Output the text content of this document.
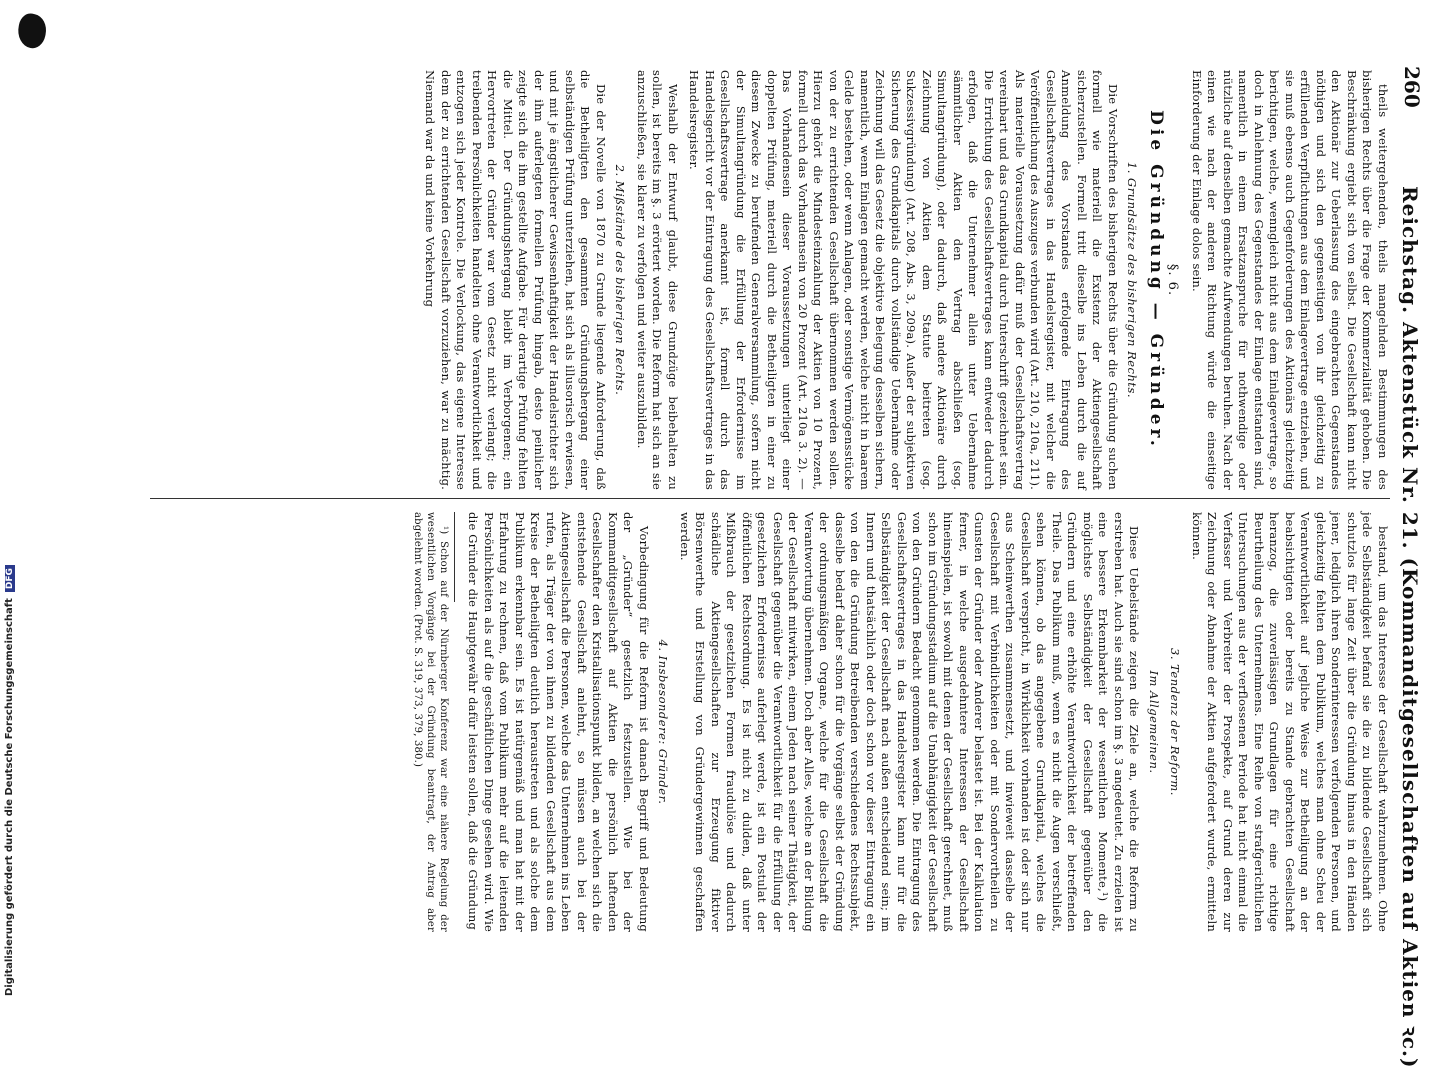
Digitalisierung gefördert durch die Deutsche ForschungsgemeinschaftDFG
260
Reichstag. Aktenstück Nr. 21. (Kommanditgesellschaften auf Aktien ꝛc.)

theils weitergehenden, theils mangelnden Bestimmungen des bisherigen Rechts über die Frage der Kommerzialität gehoben. Die Beschränkung ergiebt sich von selbst. Die Gesellschaft kann nicht den Aktionär zur Ueberlassung des eingebrachten Gegenstandes nöthigen und sich den gegenseitigen von ihr gleichzeitig zu erfüllenden Verpflichtungen aus dem Einlagevertrage entziehen, und sie muß ebenso auch Gegenforderungen des Aktionärs gleichzeitig berichtigen, welche, wenngleich nicht aus dem Einlagevertrage, so doch in Anlehnung des Gegenstandes der Einlage entstanden sind, namentlich in einem Ersatzanspruche für nothwendige oder nützliche auf denselben gemachte Aufwendungen beruhen. Nach der einen wie nach der anderen Richtung würde die einseitige Einforderung der Einlage dolos sein.

§. 6.
Die Gründung — Gründer.
1. Grundsätze des bisherigen Rechts.

Die Vorschriften des bisherigen Rechts über die Gründung suchen formell wie materiell die Existenz der Aktiengesellschaft sicherzustellen. Formell tritt dieselbe ins Leben durch die auf Anmeldung des Vorstandes erfolgende Eintragung des Gesellschaftsvertrages in das Handelsregister, mit welcher die Veröffentlichung des Auszuges verbunden wird (Art. 210, 210a, 211). Als materielle Voraussetzung dafür muß der Gesellschaftsvertrag vereinbart und das Grundkapital durch Unterschrift gezeichnet sein. Die Errichtung des Gesellschaftsvertrages kann entweder dadurch erfolgen, daß die Unternehmer allein unter Uebernahme sämmtlicher Aktien den Vertrag abschließen (sog. Simultangründung), oder dadurch, daß andere Aktionäre durch Zeichnung von Aktien dem Statute beitreten (sog. Sukzessivgründung) (Art. 208, Abs. 3, 209a). Außer der subjektiven Sicherung des Grundkapitals durch vollständige Uebernahme oder Zeichnung will das Gesetz die objektive Belegung desselben sichern, namentlich, wenn Einlagen gemacht werden, welche nicht in baarem Gelde bestehen, oder wenn Anlagen, oder sonstige Vermögensstücke von der zu errichtenden Gesellschaft übernommen werden sollen. Hierzu gehört die Mindesteinzahlung der Aktien von 10 Prozent, formell durch das Vorhandensein von 20 Prozent (Art. 210a 3. 2). — Das Vorhandensein dieser Voraussetzungen unterliegt einer doppelten Prüfung, materiell durch die Betheiligten in einer zu diesem Zwecke zu berufenden Generalversammlung, sofern nicht der Simultangründung die Erfüllung der Erfordernisse im Gesellschaftsvertrage anerkannt ist, formell durch das Handelsgericht vor der Eintragung des Gesellschaftsvertrages in das Handelsregister.

Weshalb der Entwurf glaubt, diese Grundzüge beibehalten zu sollen, ist bereits im §. 3 erörtert worden. Die Reform hat sich an sie anzuschließen, sie klarer zu verfolgen und weiter auszubilden.

2. Mißstände des bisherigen Rechts.

Die der Novelle von 1870 zu Grunde liegende Anforderung, daß die Betheiligten den gesammten Gründungshergang einer selbständigen Prüfung unterziehen, hat sich als illusorisch erwiesen, und mit je ängstlicherer Gewissenhaftigkeit der Handelsrichter sich der ihm auferlegten formellen Prüfung hingab, desto peinlicher zeigte sich die ihm gestellte Aufgabe. Für derartige Prüfung fehlten die Mittel. Der Gründungshergang bleibt im Verborgenen; ein Hervortreten der Gründer war vom Gesetz nicht verlangt; die treibenden Persönlichkeiten handelten ohne Verantwortlichkeit und entzogen sich jeder Kontrole. Die Verlockung, das eigene Interesse dem der zu errichtenden Gesellschaft vorzuziehen, war zu mächtig. Niemand war da und keine Vorkehrung

bestand, um das Interesse der Gesellschaft wahrzunehmen. Ohne jede Selbständigkeit befand sie die zu bildende Gesellschaft sich schutzlos für lange Zeit über die Gründung hinaus in den Händen jener, lediglich ihren Sonderinteressen verfolgenden Personen, und gleichzeitig fehlten dem Publikum, welches man ohne Scheu der Verantwortlichkeit auf jegliche Weise zur Betheiligung an der beabsichtigten oder bereits zu Stande gebrachten Gesellschaft heranzog, die zuverlässigen Grundlagen für eine richtige Beurtheilung des Unternehmens. Eine Reihe von strafgerichtlichen Untersuchungen aus der verflossenen Periode hat nicht einmal die Verfasser und Verbreiter der Prospekte, auf Grund deren zur Zeichnung oder Abnahme der Aktien aufgefordert wurde, ermitteln können.

3. Tendenz der Reform.
Im Allgemeinen.

Diese Uebelstände zeigen die Ziele an, welche die Reform zu erstreben hat. Auch sie sind schon im §. 3 angedeutet. Zu erzielen ist eine bessere Erkennbarkeit der wesentlichen Momente,¹) die möglichste Selbständigkeit der Gesellschaft gegenüber den Gründern und eine erhöhte Verantwortlichkeit der betreffenden Theile. Das Publikum muß, wenn es nicht die Augen verschließt, sehen können, ob das angegebene Grundkapital, welches die Gesellschaft verspricht, in Wirklichkeit vorhanden ist oder sich nur aus Scheinwerthen zusammensetzt, und inwieweit dasselbe der Gesellschaft mit Verbindlichkeiten oder mit Sondervortheilen zu Gunsten der Gründer oder Anderer belastet ist. Bei der Kalkulation ferner, in welche ausgedehntere Interessen der Gesellschaft hineinspielen, ist sowohl mit denen der Gesellschaft gerechnet, muß schon im Gründungsstadium auf die Unabhängigkeit der Gesellschaft von den Gründern Bedacht genommen werden. Die Eintragung des Gesellschaftsvertrages in das Handelsregister kann nur für die Selbständigkeit der Gesellschaft nach außen entscheidend sein; im Innern und thatsächlich oder doch schon vor dieser Eintragung ein von den die Gründung Betreibenden verschiedenes Rechtssubjekt, dasselbe bedarf daher schon für die Vorgänge selbst der Gründung der ordnungsmäßigen Organe, welche für die Gesellschaft die Verantwortung übernehmen. Doch aber Alles, welche an der Bildung der Gesellschaft mitwirken, einem Jeden nach seiner Thätigkeit, der Gesellschaft gegenüber die Verantwortlichkeit für die Erfüllung der gesetzlichen Erfordernisse auferlegt werde, ist ein Postulat der öffentlichen Rechtsordnung. Es ist nicht zu dulden, daß unter Mißbrauch der gesetzlichen Formen fraudulöse und dadurch schädliche Aktiengesellschaften zur Erzeugung fiktiver Börsenwerthe und Erstellung von Gründergewinnen geschaffen werden.

4. Insbesondere: Gründer.

Vorbedingung für die Reform ist danach Begriff und Bedeutung der „Gründer“ gesetzlich festzustellen. Wie bei der Kommanditgesellschaft auf Aktien die persönlich haftenden Gesellschafter den Kristallisationspunkt bilden, an welchen sich die entstehende Gesellschaft anlehnt, so müssen auch bei der Aktiengesellschaft die Personen, welche das Unternehmen ins Leben rufen, als Träger der von ihnen zu bildenden Gesellschaft aus dem Kreise der Betheiligten deutlich heraustreten und als solche dem Publikum erkennbar sein. Es ist natürgemäß und man hat mit der Erfahrung zu rechnen, daß vom Publikum mehr auf die leitenden Persönlichkeiten als auf die geschäftlichen Dinge gesehen wird. Wie die Gründer die Hauptgewähr dafür leisten sollen, daß die Gründung

¹) Schon auf der Nürnberger Konferenz war eine nähere Regelung der wesentlichen Vorgänge bei der Gründung beantragt, der Antrag aber abgelehnt worden. (Prot. S. 319, 373, 379, 380.)
